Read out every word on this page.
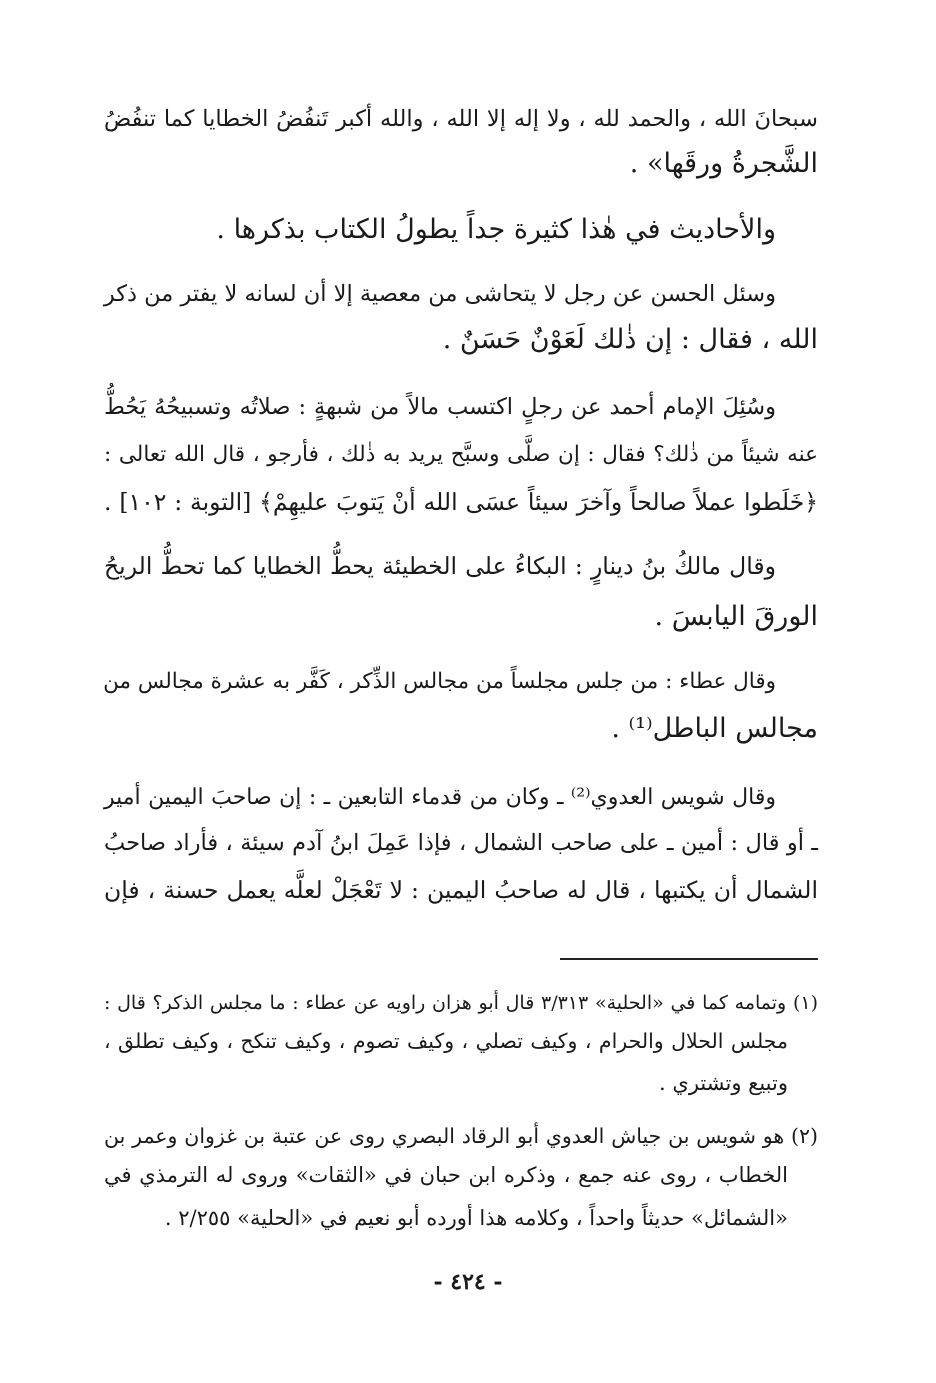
سبحانَ الله ، والحمد لله ، ولا إله إلا الله ، والله أكبر تَنفُضُ الخطايا كما تنفُضُ
الشَّجرةُ ورقَها» .
والأحاديث في هٰذا كثيرة جداً يطولُ الكتاب بذكرها .
وسئل الحسن عن رجل لا يتحاشى من معصية إلا أن لسانه لا يفتر من ذكر
الله ، فقال : إن ذٰلك لَعَوْنٌ حَسَنٌ .
وسُئِلَ الإمام أحمد عن رجلٍ اكتسب مالاً من شبهةٍ : صلاتُه وتسبيحُهُ يَحُطُّ
عنه شيئاً من ذٰلك؟ فقال : إن صلَّى وسبَّح يريد به ذٰلك ، فأرجو ، قال الله تعالى :
﴿خَلَطوا عملاً صالحاً وآخرَ سيئاً عسَى الله أنْ يَتوبَ عليهِمْ﴾ [التوبة : ١٠٢] .
وقال مالكُ بنُ دينارٍ : البكاءُ على الخطيئة يحطُّ الخطايا كما تحطُّ الريحُ
الورقَ اليابسَ .
وقال عطاء : من جلس مجلساً من مجالس الذِّكر ، كَفَّر به عشرة مجالس من
مجالس الباطل⁽¹⁾ .
وقال شويس العدوي⁽²⁾ ـ وكان من قدماء التابعين ـ : إن صاحبَ اليمين أمير
ـ أو قال : أمين ـ على صاحب الشمال ، فإذا عَمِلَ ابنُ آدم سيئة ، فأراد صاحبُ
الشمال أن يكتبها ، قال له صاحبُ اليمين : لا تَعْجَلْ لعلَّه يعمل حسنة ، فإن
(١) وتمامه كما في «الحلية» ٣/٣١٣ قال أبو هزان راويه عن عطاء : ما مجلس الذكر؟ قال :
مجلس الحلال والحرام ، وكيف تصلي ، وكيف تصوم ، وكيف تنكح ، وكيف تطلق ،
وتبيع وتشتري .
(٢) هو شويس بن جياش العدوي أبو الرقاد البصري روى عن عتبة بن غزوان وعمر بن
الخطاب ، روى عنه جمع ، وذكره ابن حبان في «الثقات» وروى له الترمذي في
«الشمائل» حديثاً واحداً ، وكلامه هذا أورده أبو نعيم في «الحلية» ٢/٢٥٥ .
- ٤٢٤ -
